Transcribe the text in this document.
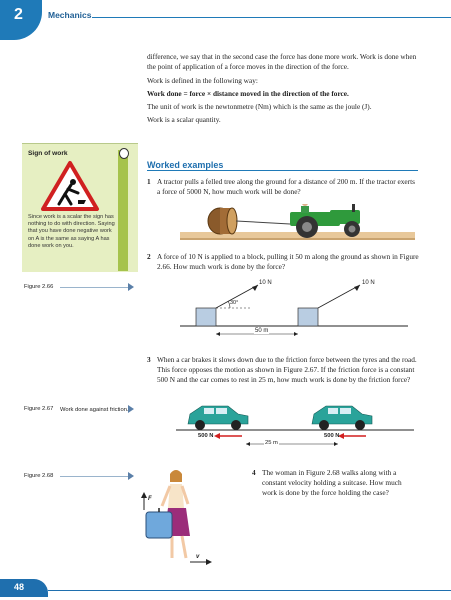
2	Mechanics
difference, we say that in the second case the force has done more work. Work is done when the point of application of a force moves in the direction of the force.
Work is defined in the following way:
Work done = force × distance moved in the direction of the force.
The unit of work is the newtonmetre (Nm) which is the same as the joule (J).
Work is a scalar quantity.
Worked examples
Sign of work
Since work is a scalar the sign has nothing to do with direction. Saying that you have done negative work on A is the same as saying A has done work on you.
1 A tractor pulls a felled tree along the ground for a distance of 200 m. If the tractor exerts a force of 5000 N, how much work will be done?
2 A force of 10 N is applied to a block, pulling it 50 m along the ground as shown in Figure 2.66. How much work is done by the force?
Figure 2.66
10 N	10 N
30°
50 m
3 When a car brakes it slows down due to the friction force between the tyres and the road. This force opposes the motion as shown in Figure 2.67. If the friction force is a constant 500 N and the car comes to rest in 25 m, how much work is done by the friction force?
Figure 2.67 Work done against friction.
500 N	500 N
25 m
Figure 2.68
F
v
4 The woman in Figure 2.68 walks along with a constant velocity holding a suitcase. How much work is done by the force holding the case?
48
